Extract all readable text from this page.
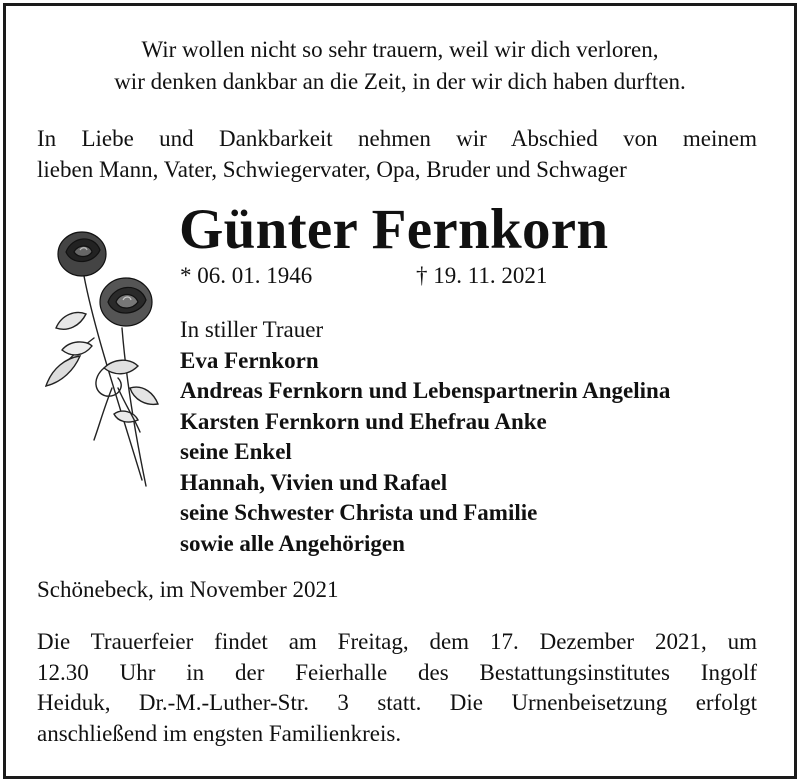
Wir wollen nicht so sehr trauern, weil wir dich verloren,
wir denken dankbar an die Zeit, in der wir dich haben durften.
In Liebe und Dankbarkeit nehmen wir Abschied von meinem
lieben Mann, Vater, Schwiegervater, Opa, Bruder und Schwager
Günter Fernkorn
* 06. 01. 1946	† 19. 11. 2021
In stiller Trauer
Eva Fernkorn
Andreas Fernkorn und Lebenspartnerin Angelina
Karsten Fernkorn und Ehefrau Anke
seine Enkel
Hannah, Vivien und Rafael
seine Schwester Christa und Familie
sowie alle Angehörigen
Schönebeck, im November 2021
Die Trauerfeier findet am Freitag, dem 17. Dezember 2021, um
12.30 Uhr in der Feierhalle des Bestattungsinstitutes Ingolf
Heiduk, Dr.-M.-Luther-Str. 3 statt. Die Urnenbeisetzung erfolgt
anschließend im engsten Familienkreis.
